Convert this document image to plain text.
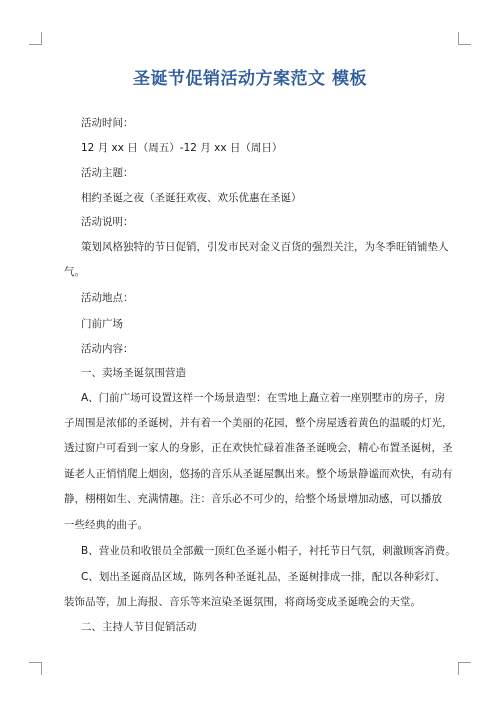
圣诞节促销活动方案范文 模板
活动时间：
12 月 xx 日（周五）-12 月 xx 日（周日）
活动主题：
相约圣诞之夜（圣诞狂欢夜、欢乐优惠在圣诞）
活动说明：
策划风格独特的节日促销，引发市民对金义百货的强烈关注，为冬季旺销铺垫人
气。
活动地点：
门前广场
活动内容：
一、卖场圣诞氛围营造
A、门前广场可设置这样一个场景造型：在雪地上矗立着一座别墅市的房子，房
子周围是浓郁的圣诞树，并有着一个美丽的花园，整个房屋透着黄色的温暖的灯光，
透过窗户可看到一家人的身影，正在欢快忙碌着准备圣诞晚会，精心布置圣诞树，圣
诞老人正悄悄爬上烟囱，悠扬的音乐从圣诞屋飘出来。整个场景静谧而欢快，有动有
静，栩栩如生、充满情趣。注：音乐必不可少的，给整个场景增加动感，可以播放
一些经典的曲子。
B、营业员和收银员全部戴一顶红色圣诞小帽子，衬托节日气氛，刺激顾客消费。
C、划出圣诞商品区域，陈列各种圣诞礼品，圣诞树排成一排，配以各种彩灯、
装饰品等，加上海报、音乐等来渲染圣诞氛围，将商场变成圣诞晚会的天堂。
二、主持人节目促销活动
